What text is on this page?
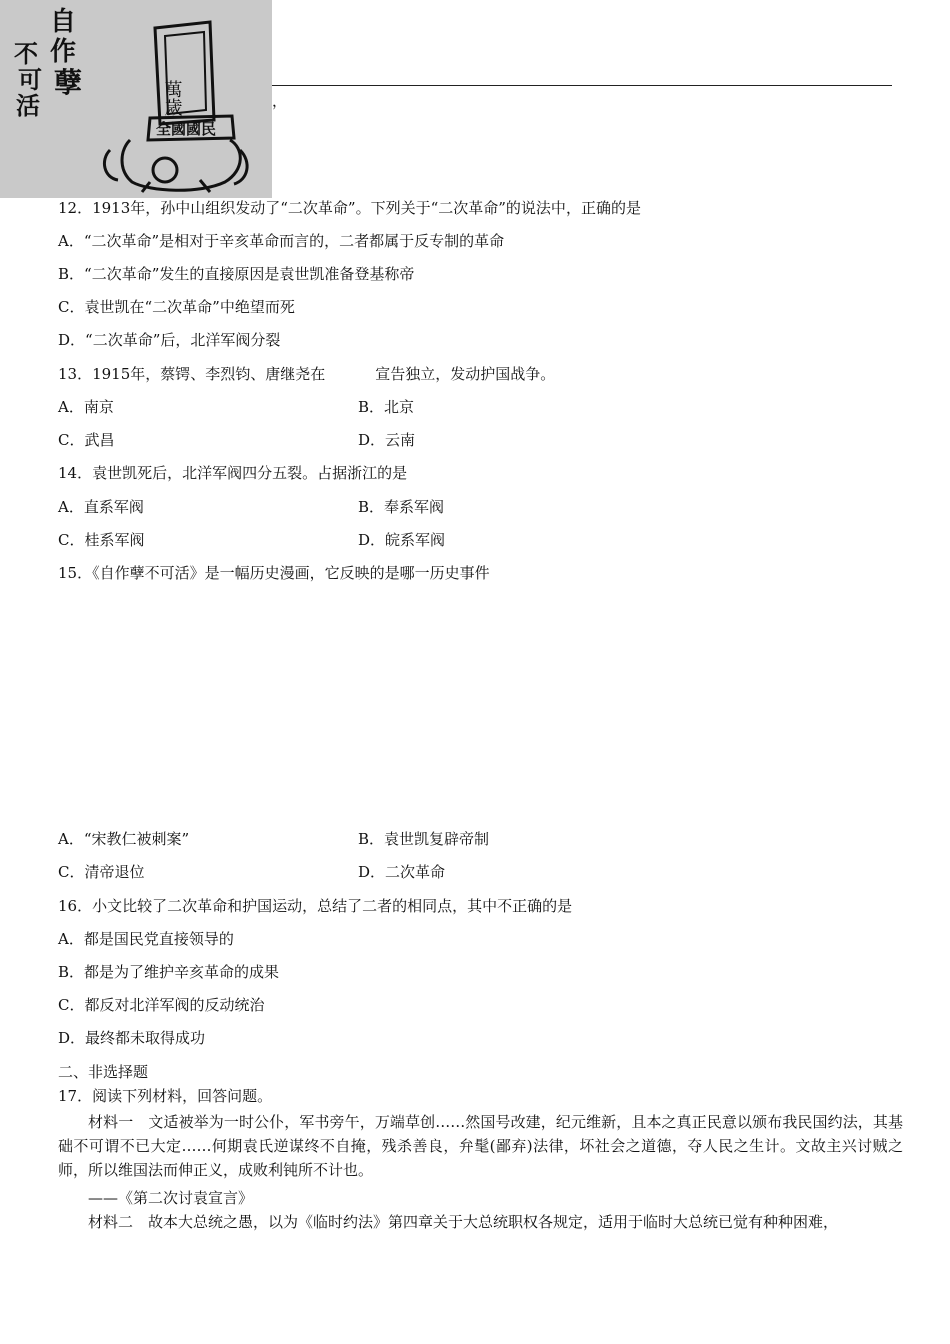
自
作
孽
不
可
活	萬歲
全國國民
，
12．1913年，孙中山组织发动了“二次革命”。下列关于“二次革命”的说法中，正确的是
A．“二次革命”是相对于辛亥革命而言的，二者都属于反专制的革命
B．“二次革命”发生的直接原因是袁世凯准备登基称帝
C．袁世凯在“二次革命”中绝望而死
D．“二次革命”后，北洋军阀分裂
13．1915年，蔡锷、李烈钧、唐继尧在	宣告独立，发动护国战争。
A．南京	B．北京
C．武昌	D．云南
14．袁世凯死后，北洋军阀四分五裂。占据浙江的是
A．直系军阀	B．奉系军阀
C．桂系军阀	D．皖系军阀
15．《自作孽不可活》是一幅历史漫画，它反映的是哪一历史事件
A．“宋教仁被刺案”	B．袁世凯复辟帝制
C．清帝退位	D．二次革命
16．小文比较了二次革命和护国运动，总结了二者的相同点，其中不正确的是
A．都是国民党直接领导的
B．都是为了维护辛亥革命的成果
C．都反对北洋军阀的反动统治
D．最终都未取得成功
二、非选择题
17．阅读下列材料，回答问题。
材料一　文适被举为一时公仆，军书旁午，万端草创……然国号改建，纪元维新，且本之真正民意以颁布我民国约法，其基础不可谓不已大定……何期袁氏逆谋终不自掩，残杀善良，弁髦(鄙弃)法律，坏社会之道德，夺人民之生计。文故主兴讨贼之师，所以维国法而伸正义，成败利钝所不计也。
——《第二次讨袁宣言》
材料二　故本大总统之愚，以为《临时约法》第四章关于大总统职权各规定，适用于临时大总统已觉有种种困难，
